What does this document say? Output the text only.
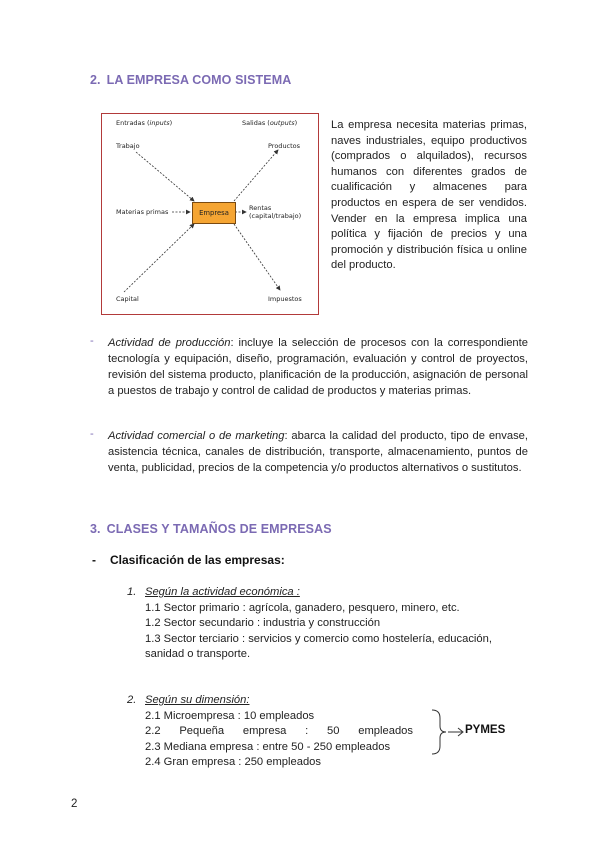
2. LA EMPRESA COMO SISTEMA
Entradas (inputs)	Salidas (outputs)
Trabajo
Materias primas
Capital
Empresa
Productos
Rentas
(capital/trabajo)
Impuestos
La empresa necesita materias primas, naves industriales, equipo productivos (comprados o alquilados), recursos humanos con diferentes grados de cualificación y almacenes para productos en espera de ser vendidos. Vender en la empresa implica una política y fijación de precios y una promoción y distribución física u online del producto.
- Actividad de producción: incluye la selección de procesos con la correspondiente tecnología y equipación, diseño, programación, evaluación y control de proyectos, revisión del sistema producto, planificación de la producción, asignación de personal a puestos de trabajo y control de calidad de productos y materias primas.
- Actividad comercial o de marketing: abarca la calidad del producto, tipo de envase, asistencia técnica, canales de distribución, transporte, almacenamiento, puntos de venta, publicidad, precios de la competencia y/o productos alternativos o sustitutos.
3. CLASES Y TAMAÑOS DE EMPRESAS
- Clasificación de las empresas:
1. Según la actividad económica :
1.1 Sector primario : agrícola, ganadero, pesquero, minero, etc.
1.2 Sector secundario : industria y construcción
1.3 Sector terciario : servicios y comercio como hostelería, educación, sanidad o transporte.
2. Según su dimensión:
2.1 Microempresa : 10 empleados
2.2 Pequeña empresa : 50 empleados
2.3 Mediana empresa : entre 50 - 250 empleados
2.4 Gran empresa : 250 empleados
PYMES
2
